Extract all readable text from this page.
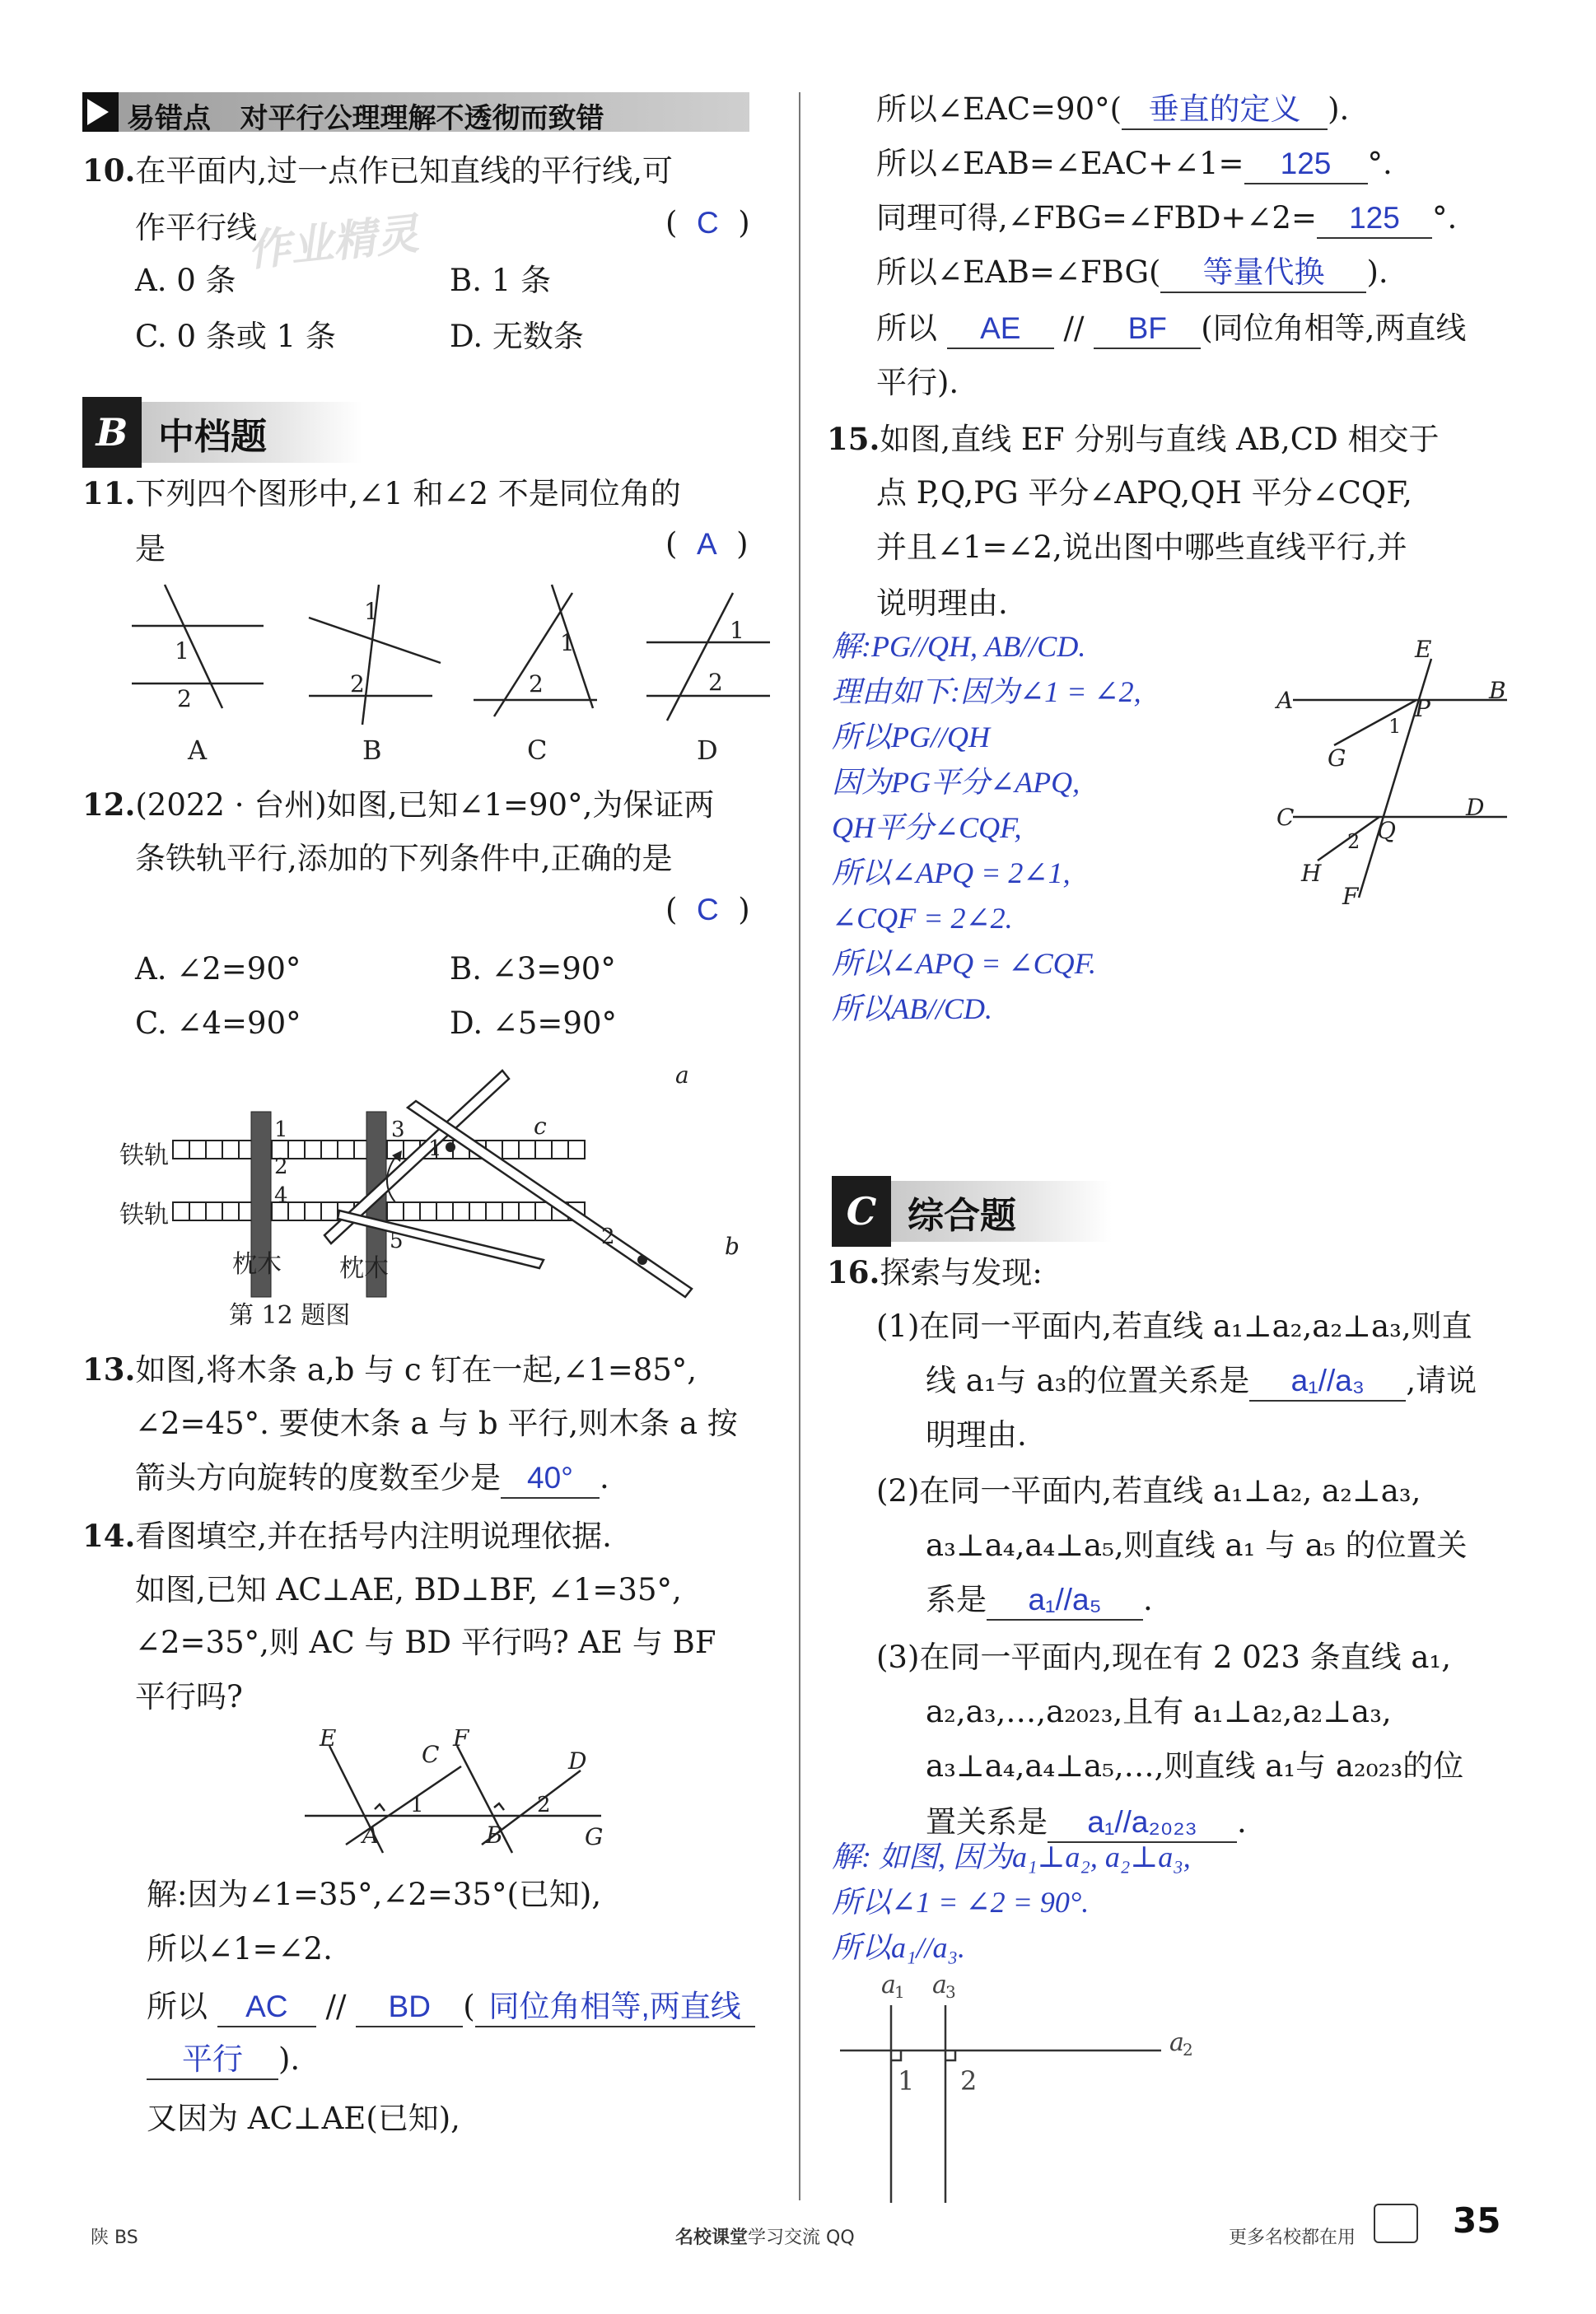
易错点 对平行公理理解不透彻而致错
10.在平面内,过一点作已知直线的平行线,可
作平行线	( C )
作业精灵
A. 0 条	B. 1 条
C. 0 条或 1 条	D. 无数条
B 中档题
11.下列四个图形中,∠1 和∠2 不是同位角的
是	(  A  )
1
2
1
2
1
2
1
2
A	B	C	D
12.(2022 · 台州)如图,已知∠1=90°,为保证两
条铁轨平行,添加的下列条件中,正确的是
(  C  )
A. ∠2=90°	B. ∠3=90°
C. ∠4=90°	D. ∠5=90°
1
2
3
4
5
铁轨
铁轨
枕木 枕木
第 12 题图
a
c
b
1
2
13.如图,将木条 a,b 与 c 钉在一起,∠1=85°,
∠2=45°. 要使木条 a 与 b 平行,则木条 a 按
箭头方向旋转的度数至少是 40° .
14.看图填空,并在括号内注明说理依据.
如图,已知 AC⊥AE, BD⊥BF, ∠1=35°,
∠2=35°,则 AC 与 BD 平行吗? AE 与 BF
平行吗?
E
C
F
D
A	B	G
1	2
解:因为∠1=35°,∠2=35°(已知),
所以∠1=∠2.
所以 AC // BD ( 同位角相等,两直线
平行 ).
又因为 AC⊥AE(已知),
所以∠EAC=90°( 垂直的定义 ).
所以∠EAB=∠EAC+∠1= 125 °.
同理可得,∠FBG=∠FBD+∠2= 125 °.
所以∠EAB=∠FBG( 等量代换 ).
所以 AE // BF (同位角相等,两直线
平行).
15.如图,直线 EF 分别与直线 AB,CD 相交于
点 P,Q,PG 平分∠APQ,QH 平分∠CQF,
并且∠1=∠2,说出图中哪些直线平行,并
说明理由.
解:PG//QH, AB//CD.
理由如下:因为∠1 = ∠2,
所以PG//QH
因为PG平分∠APQ,
QH平分∠CQF,
所以∠APQ = 2∠1,
∠CQF = 2∠2.
所以∠APQ = ∠CQF.
所以AB//CD.
E
A	B
G
P
C	D
Q
H
F
1
2
C 综合题
16.探索与发现:
(1)在同一平面内,若直线 a₁⊥a₂,a₂⊥a₃,则直
线 a₁与 a₃的位置关系是 a₁//a₃ ,请说
明理由.
(2)在同一平面内,若直线 a₁⊥a₂, a₂⊥a₃,
a₃⊥a₄,a₄⊥a₅,则直线 a₁ 与 a₅ 的位置关
系是 a₁//a₅ .
(3)在同一平面内,现在有 2 023 条直线 a₁,
a₂,a₃,…,a₂₀₂₃,且有 a₁⊥a₂,a₂⊥a₃,
a₃⊥a₄,a₄⊥a₅,…,则直线 a₁与 a₂₀₂₃的位
置关系是 a₁//a₂₀₂₃ .
解: 如图, 因为a₁⊥a₂, a₂⊥a₃,
所以∠1 = ∠2 = 90°.
所以a₁//a₃.
a a
a
1 3
2
1 2
陕 BS	名校课堂学习交流 QQ	更多名校都在用	35
